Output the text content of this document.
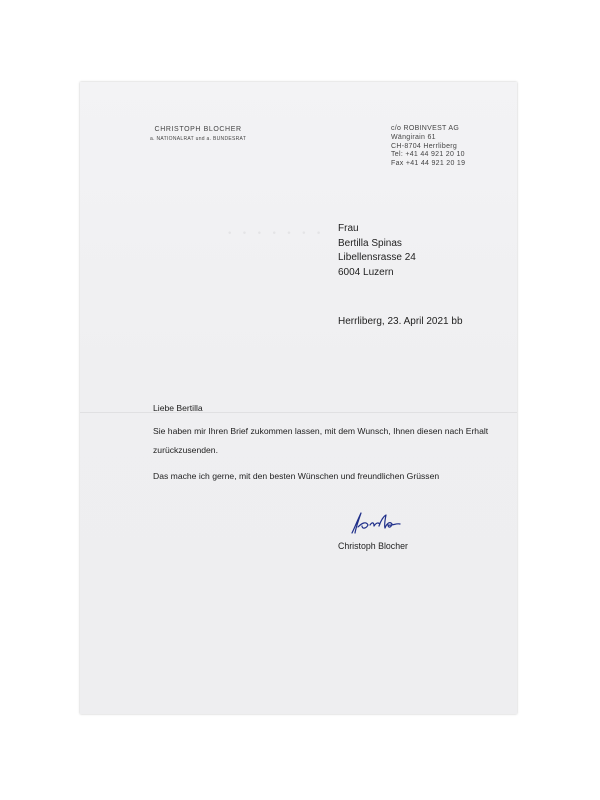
CHRISTOPH BLOCHER
a. NATIONALRAT und a. BUNDESRAT
c/o ROBINVEST AG
Wängirain 61
CH-8704 Herrliberg
Tel: +41 44 921 20 10
Fax +41 44 921 20 19
· · · · · · · Frau
Bertilla Spinas
Libellensrasse 24
6004 Luzern
Herrliberg, 23. April 2021 bb
Liebe Bertilla
Sie haben mir Ihren Brief zukommen lassen, mit dem Wunsch, Ihnen diesen nach Erhalt zurückzusenden.
Das mache ich gerne, mit den besten Wünschen und freundlichen Grüssen
Christoph Blocher
